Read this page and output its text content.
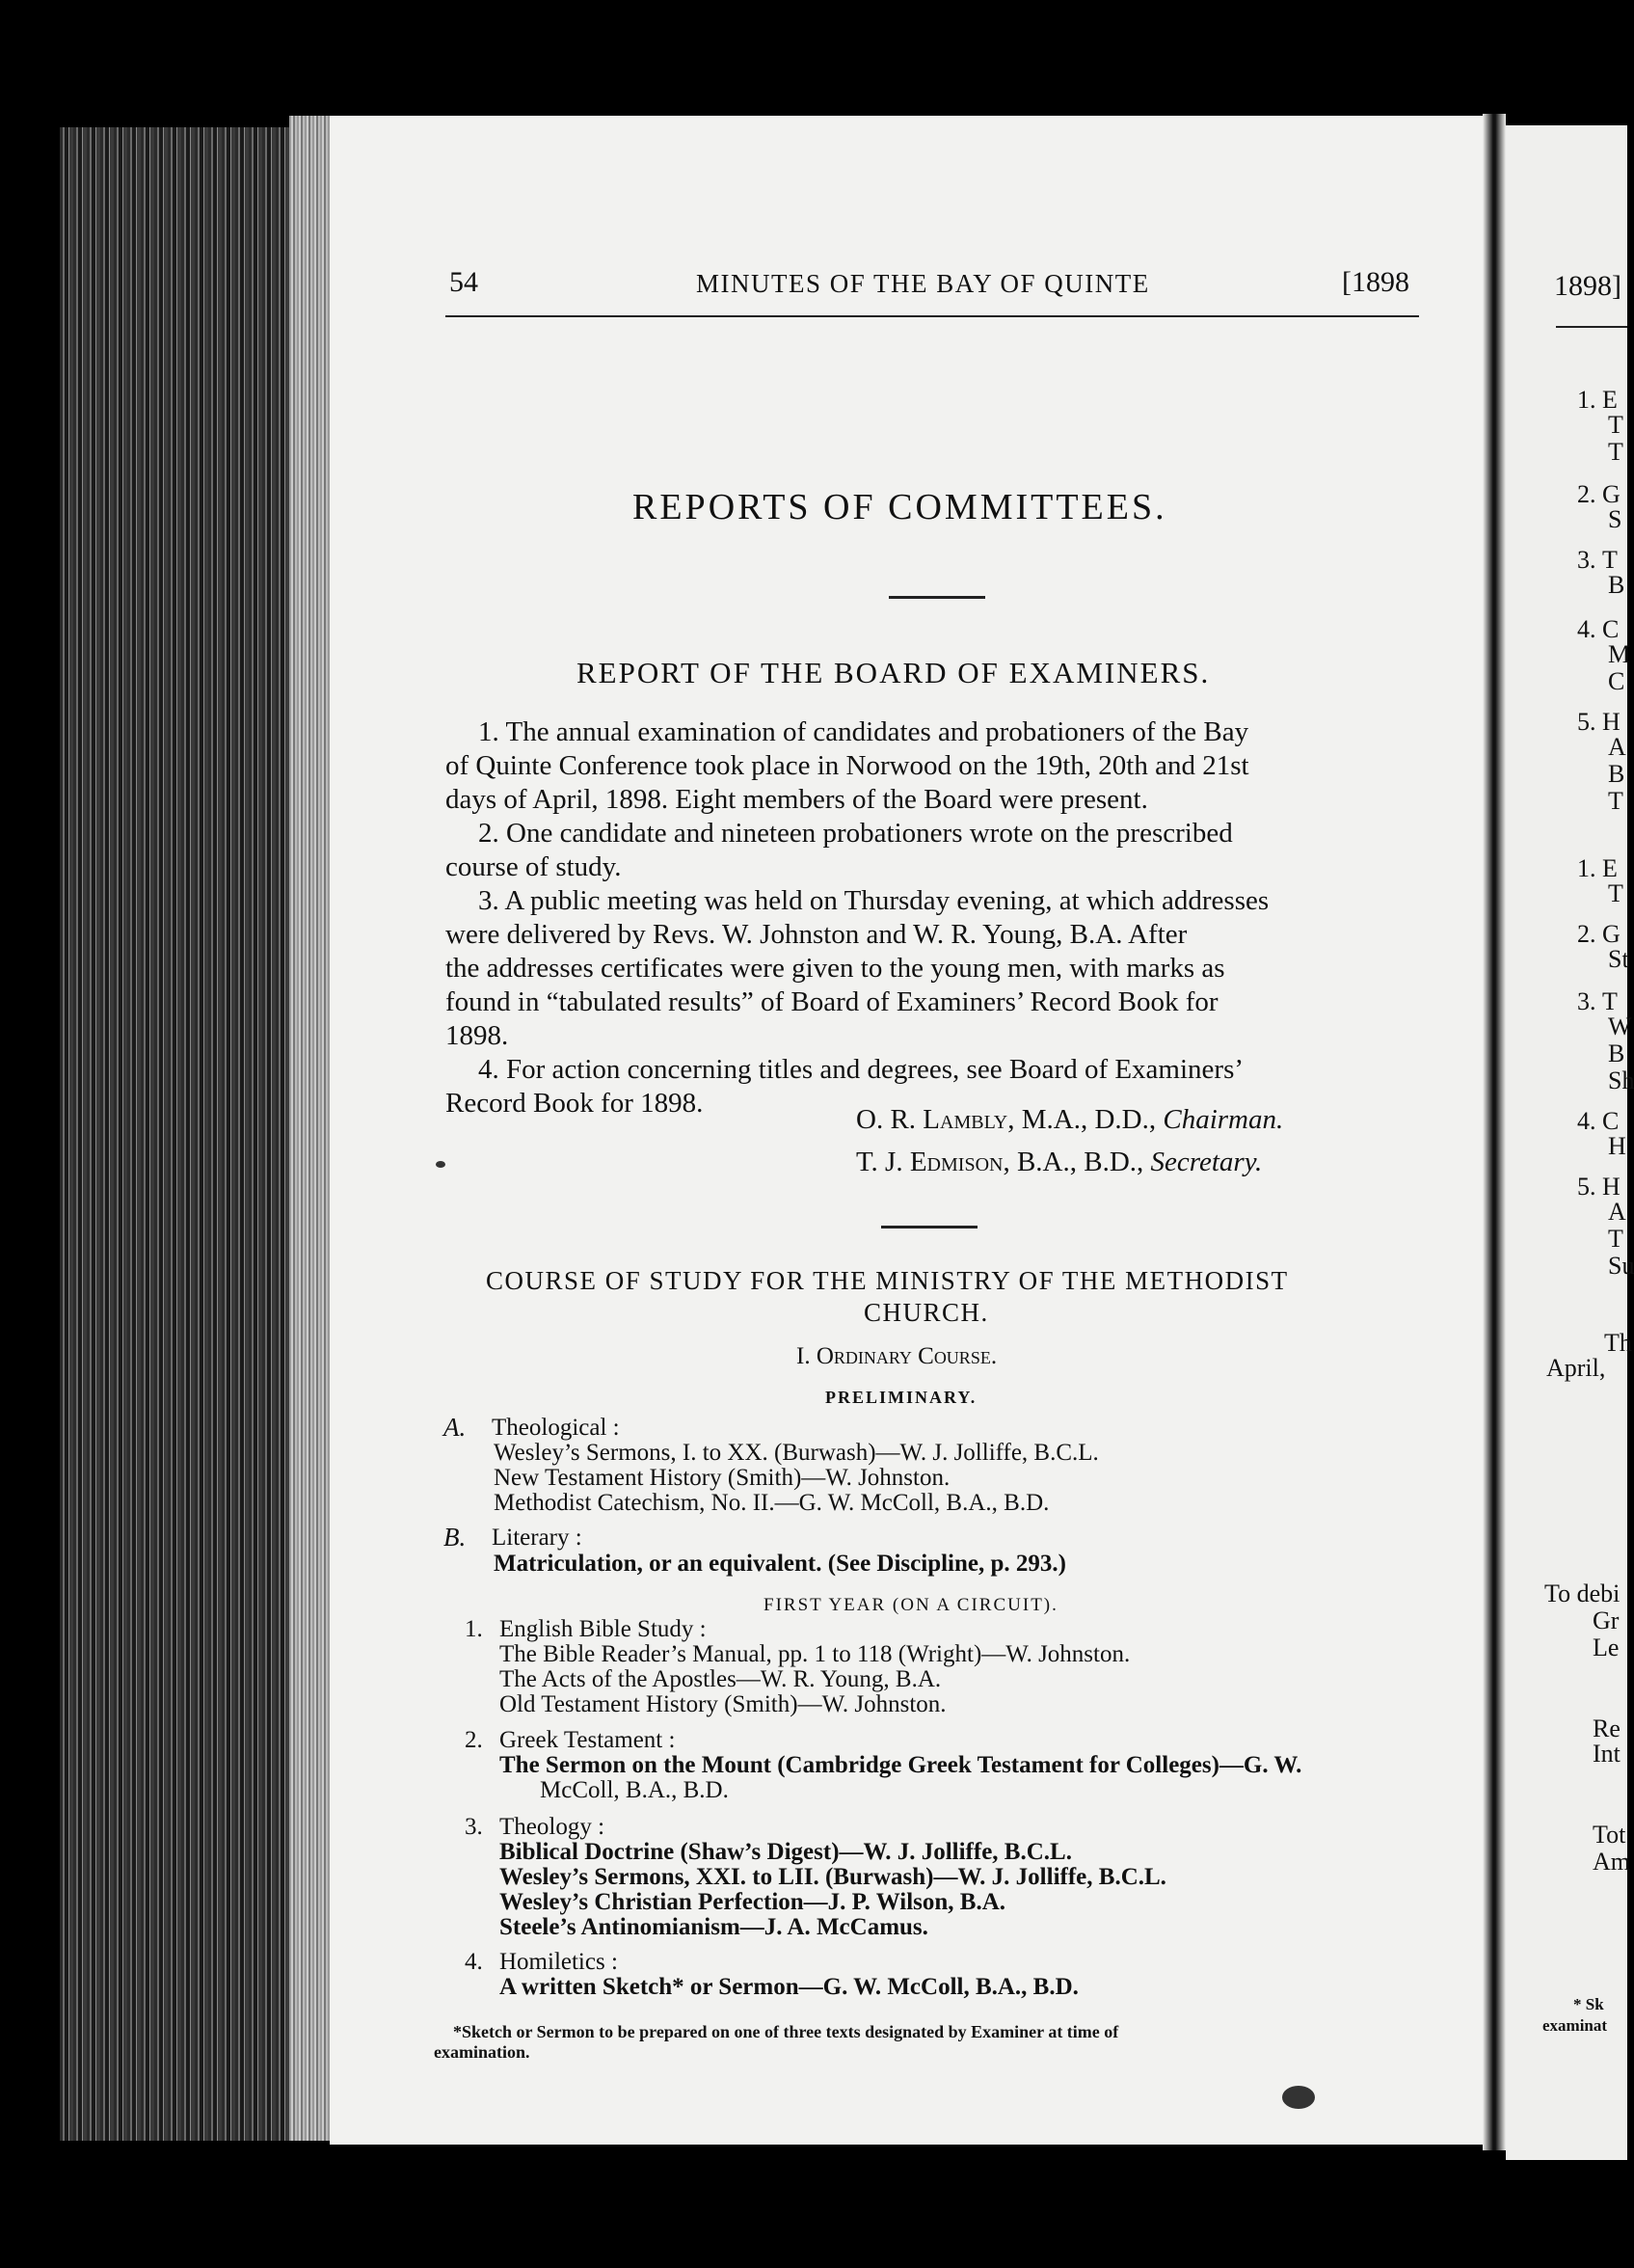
54	MINUTES OF THE BAY OF QUINTE	[1898
REPORTS OF COMMITTEES.
REPORT OF THE BOARD OF EXAMINERS.
1. The annual examination of candidates and probationers of the Bay
of Quinte Conference took place in Norwood on the 19th, 20th and 21st
days of April, 1898. Eight members of the Board were present.
2. One candidate and nineteen probationers wrote on the prescribed
course of study.
3. A public meeting was held on Thursday evening, at which addresses
were delivered by Revs. W. Johnston and W. R. Young, B.A. After
the addresses certificates were given to the young men, with marks as
found in “tabulated results” of Board of Examiners’ Record Book for
1898.
4. For action concerning titles and degrees, see Board of Examiners’
Record Book for 1898.
O. R. Lambly, M.A., D.D., Chairman.
T. J. Edmison, B.A., B.D., Secretary.
COURSE OF STUDY FOR THE MINISTRY OF THE METHODIST
CHURCH.
I. Ordinary Course.
PRELIMINARY.
A. Theological :
Wesley’s Sermons, I. to XX. (Burwash)—W. J. Jolliffe, B.C.L.
New Testament History (Smith)—W. Johnston.
Methodist Catechism, No. II.—G. W. McColl, B.A., B.D.
B. Literary :
Matriculation, or an equivalent. (See Discipline, p. 293.)
FIRST YEAR (ON A CIRCUIT).
1. English Bible Study :
The Bible Reader’s Manual, pp. 1 to 118 (Wright)—W. Johnston.
The Acts of the Apostles—W. R. Young, B.A.
Old Testament History (Smith)—W. Johnston.
2. Greek Testament :
The Sermon on the Mount (Cambridge Greek Testament for Colleges)—G. W.
McColl, B.A., B.D.
3. Theology :
Biblical Doctrine (Shaw’s Digest)—W. J. Jolliffe, B.C.L.
Wesley’s Sermons, XXI. to LII. (Burwash)—W. J. Jolliffe, B.C.L.
Wesley’s Christian Perfection—J. P. Wilson, B.A.
Steele’s Antinomianism—J. A. McCamus.
4. Homiletics :
A written Sketch* or Sermon—G. W. McColl, B.A., B.D.
*Sketch or Sermon to be prepared on one of three texts designated by Examiner at time of
examination.
1898]
1. E
T
T
2. G
S
3. T
B
4. C
M
C
5. H
A
B
T
1. E
T
2. G
St
3. T
W
B
Sh
4. C
H
5. H
A
T
Su
Th
April,
To debi
Gr
Le
Re
Int
Tot
Am
* Sk
examinat
